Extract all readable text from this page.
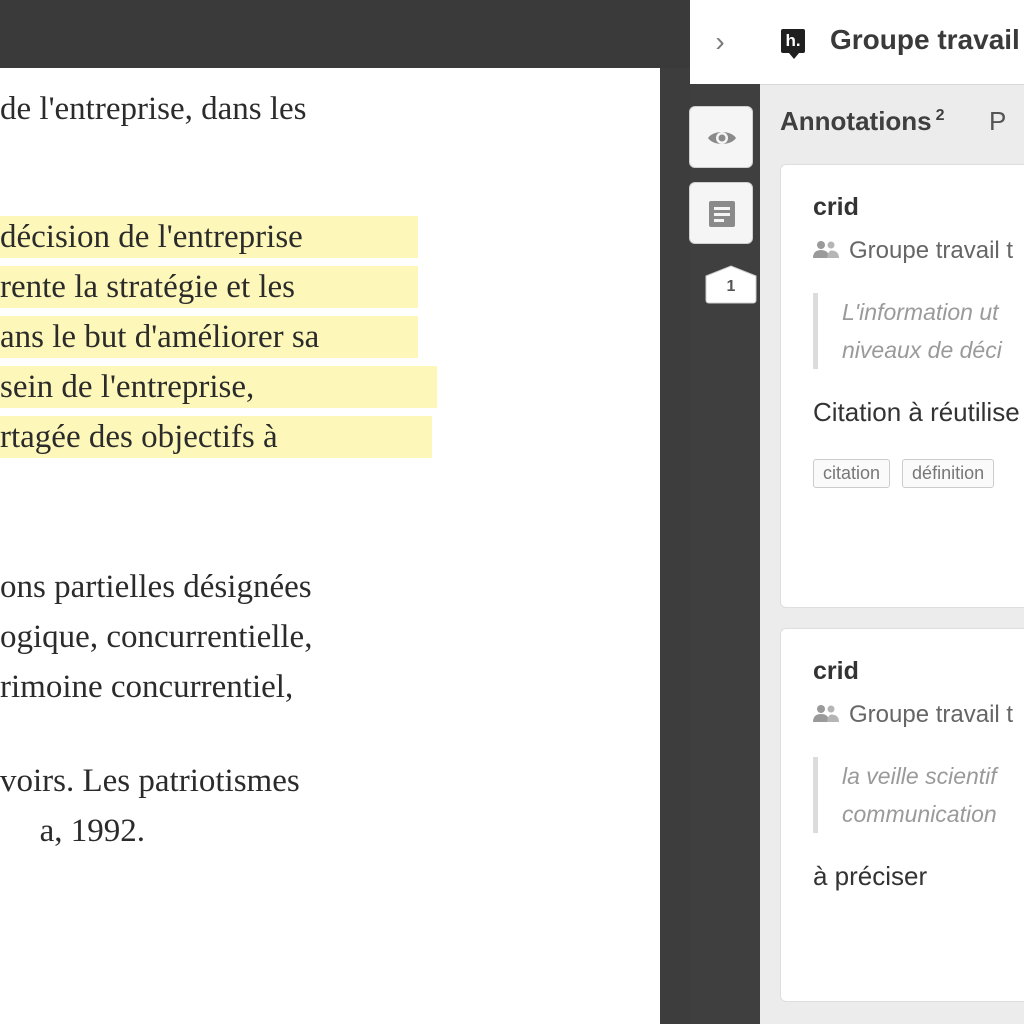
de l'entreprise, dans les
décision de l'entreprise
rente la stratégie et les
ans le but d'améliorer sa
sein de l'entreprise,
rtagée des objectifs à
ons partielles désignées
ogique, concurrentielle,
rimoine concurrentiel,
voirs. Les patriotismes
a, 1992.
›	h. Groupe travail
1
Annotations $^2$ P
crid
Groupe travail t
L'information ut
niveaux de déci
Citation à réutilise
citation définition
crid
Groupe travail t
la veille scientif
communication
à préciser
